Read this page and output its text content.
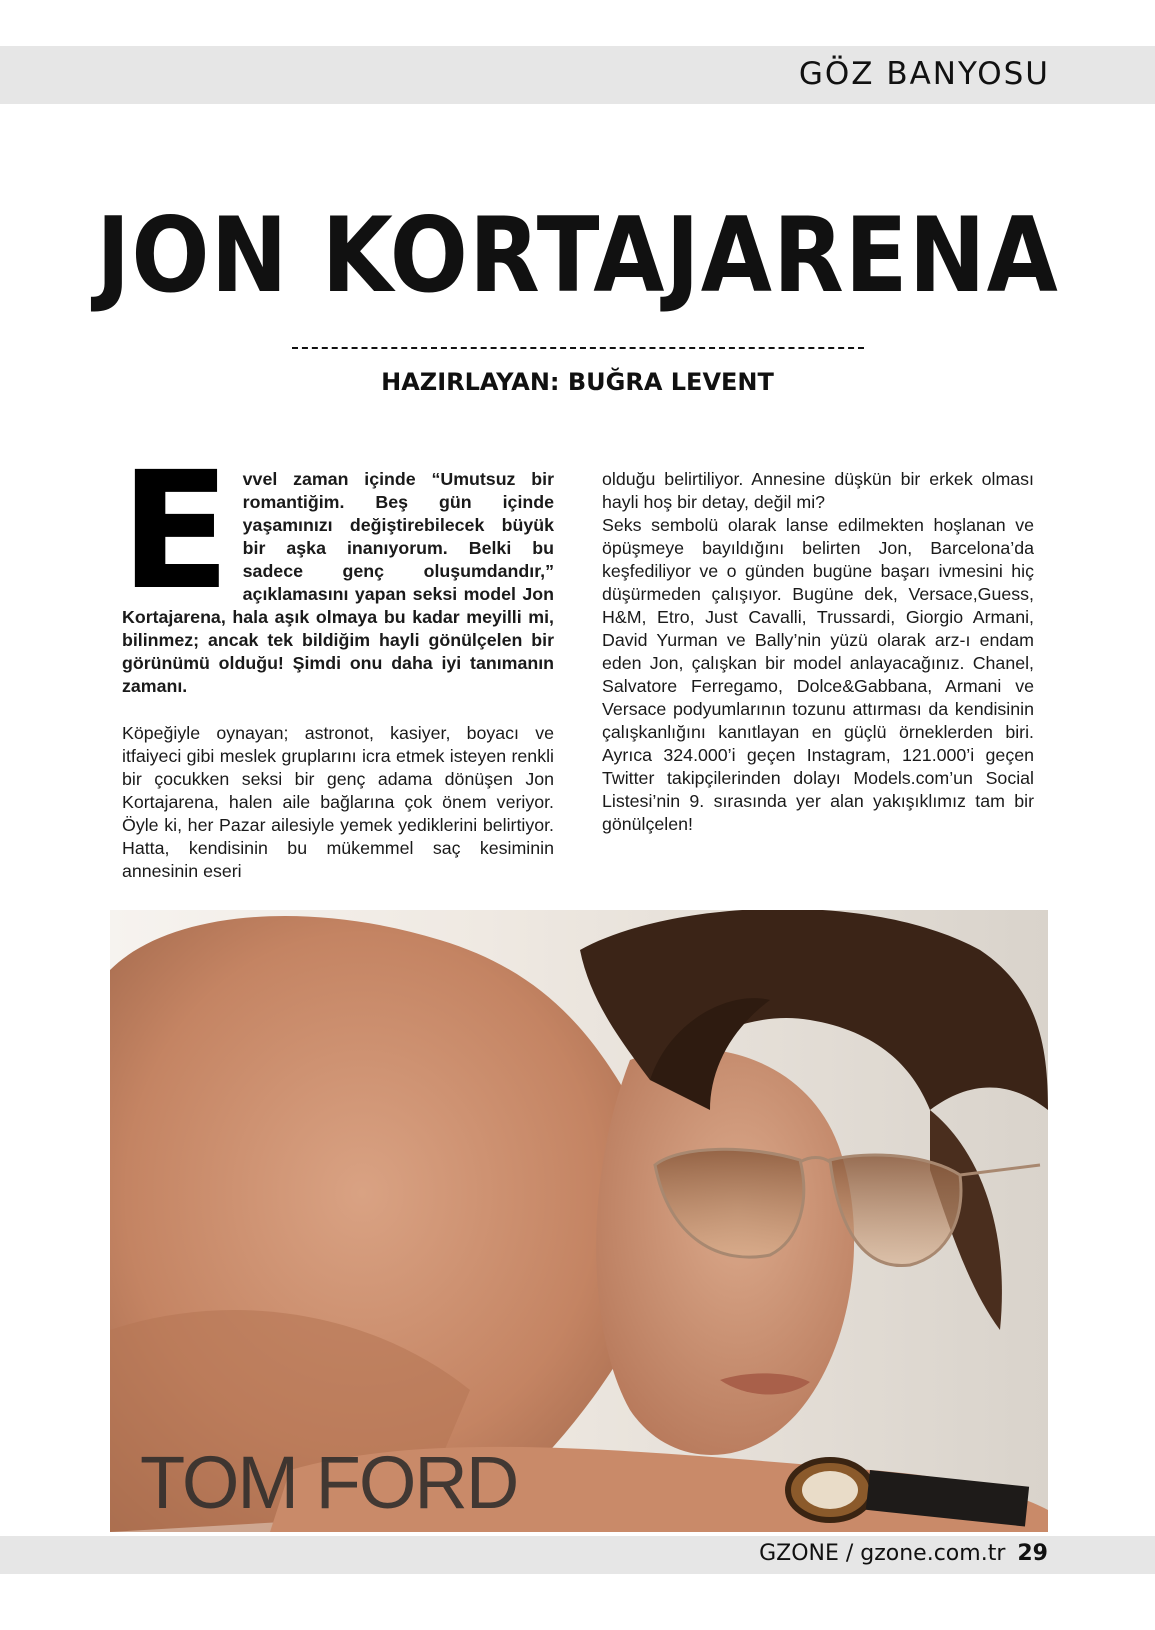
GÖZ BANYOSU
JON KORTAJARENA
HAZIRLAYAN: BUĞRA LEVENT

Evvel zaman içinde “Umutsuz bir romantiğim. Beş gün içinde yaşamınızı değiştirebilecek büyük bir aşka inanıyorum. Belki bu sadece genç oluşumdandır,” açıklamasını yapan seksi model Jon Kortajarena, hala aşık olmaya bu kadar meyilli mi, bilinmez; ancak tek bildiğim hayli gönülçelen bir görünümü olduğu! Şimdi onu daha iyi tanımanın zamanı.

Köpeğiyle oynayan; astronot, kasiyer, boyacı ve itfaiyeci gibi meslek gruplarını icra etmek isteyen renkli bir çocukken seksi bir genç adama dönüşen Jon Kortajarena, halen aile bağlarına çok önem veriyor. Öyle ki, her Pazar ailesiyle yemek yediklerini belirtiyor. Hatta, kendisinin bu mükemmel saç kesiminin annesinin eseri

olduğu belirtiliyor. Annesine düşkün bir erkek olması hayli hoş bir detay, değil mi?

Seks sembolü olarak lanse edilmekten hoşlanan ve öpüşmeye bayıldığını belirten Jon, Barcelona’da keşfediliyor ve o günden bugüne başarı ivmesini hiç düşürmeden çalışıyor. Bugüne dek, Versace,Guess, H&M, Etro, Just Cavalli, Trussardi, Giorgio Armani, David Yurman ve Bally’nin yüzü olarak arz-ı endam eden Jon, çalışkan bir model anlayacağınız. Chanel, Salvatore Ferregamo, Dolce&Gabbana, Armani ve Versace podyumlarının tozunu attırması da kendisinin çalışkanlığını kanıtlayan en güçlü örneklerden biri. Ayrıca 324.000’i geçen Instagram, 121.000’i geçen Twitter takipçilerinden dolayı Models.com’un Social Listesi’nin 9. sırasında yer alan yakışıklımız tam bir gönülçelen!

TOM FORD
GZONE / gzone.com.tr 29
